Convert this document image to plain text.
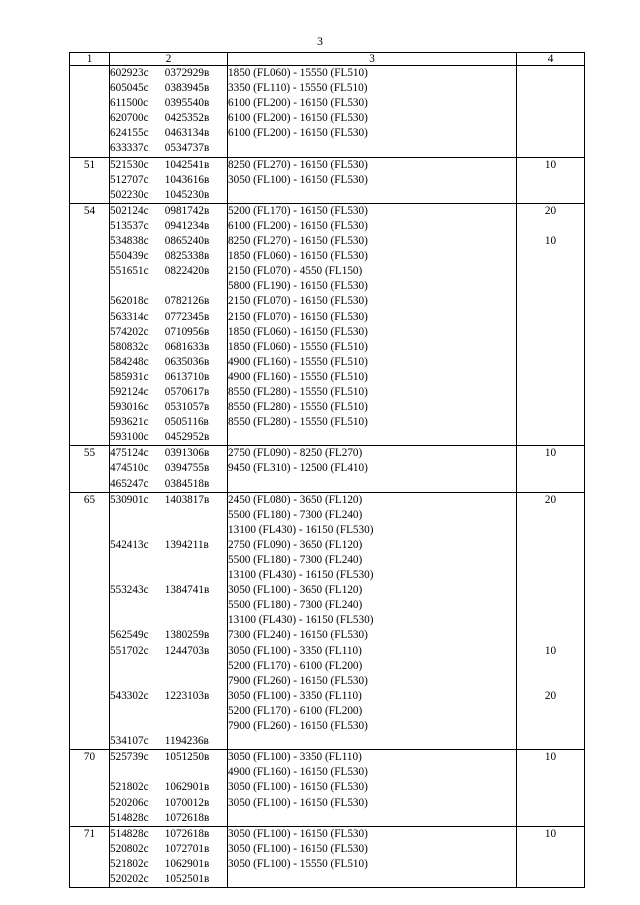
3
1	2	3	4
	602923с 0372929в	1850 (FL060) - 15550 (FL510)	
	605045с 0383945в	3350 (FL110) - 15550 (FL510)	
	611500с 0395540в	6100 (FL200) - 16150 (FL530)	
	620700с 0425352в	6100 (FL200) - 16150 (FL530)	
	624155с 0463134в	6100 (FL200) - 16150 (FL530)	
	633337с 0534737в		
51	521530с 1042541в	8250 (FL270) - 16150 (FL530)	10
	512707с 1043616в	3050 (FL100) - 16150 (FL530)	
	502230с 1045230в		
54	502124с 0981742в	5200 (FL170) - 16150 (FL530)	20
	513537с 0941234в	6100 (FL200) - 16150 (FL530)	
	534838с 0865240в	8250 (FL270) - 16150 (FL530)	10
	550439с 0825338в	1850 (FL060) - 16150 (FL530)	
	551651с 0822420в	2150 (FL070) - 4550 (FL150)	
		5800 (FL190) - 16150 (FL530)	
	562018с 0782126в	2150 (FL070) - 16150 (FL530)	
	563314с 0772345в	2150 (FL070) - 16150 (FL530)	
	574202с 0710956в	1850 (FL060) - 16150 (FL530)	
	580832с 0681633в	1850 (FL060) - 15550 (FL510)	
	584248с 0635036в	4900 (FL160) - 15550 (FL510)	
	585931с 0613710в	4900 (FL160) - 15550 (FL510)	
	592124с 0570617в	8550 (FL280) - 15550 (FL510)	
	593016с 0531057в	8550 (FL280) - 15550 (FL510)	
	593621с 0505116в	8550 (FL280) - 15550 (FL510)	
	593100с 0452952в		
55	475124с 0391306в	2750 (FL090) - 8250 (FL270)	10
	474510с 0394755в	9450 (FL310) - 12500 (FL410)	
	465247с 0384518в		
65	530901с 1403817в	2450 (FL080) - 3650 (FL120)	20
		5500 (FL180) - 7300 (FL240)	
		13100 (FL430) - 16150 (FL530)	
	542413с 1394211в	2750 (FL090) - 3650 (FL120)	
		5500 (FL180) - 7300 (FL240)	
		13100 (FL430) - 16150 (FL530)	
	553243с 1384741в	3050 (FL100) - 3650 (FL120)	
		5500 (FL180) - 7300 (FL240)	
		13100 (FL430) - 16150 (FL530)	
	562549с 1380259в	7300 (FL240) - 16150 (FL530)	
	551702с 1244703в	3050 (FL100) - 3350 (FL110)	10
		5200 (FL170) - 6100 (FL200)	
		7900 (FL260) - 16150 (FL530)	
	543302с 1223103в	3050 (FL100) - 3350 (FL110)	20
		5200 (FL170) - 6100 (FL200)	
		7900 (FL260) - 16150 (FL530)	
	534107с 1194236в		
70	525739с 1051250в	3050 (FL100) - 3350 (FL110)	10
		4900 (FL160) - 16150 (FL530)	
	521802с 1062901в	3050 (FL100) - 16150 (FL530)	
	520206с 1070012в	3050 (FL100) - 16150 (FL530)	
	514828с 1072618в		
71	514828с 1072618в	3050 (FL100) - 16150 (FL530)	10
	520802с 1072701в	3050 (FL100) - 16150 (FL530)	
	521802с 1062901в	3050 (FL100) - 15550 (FL510)	
	520202с 1052501в		
